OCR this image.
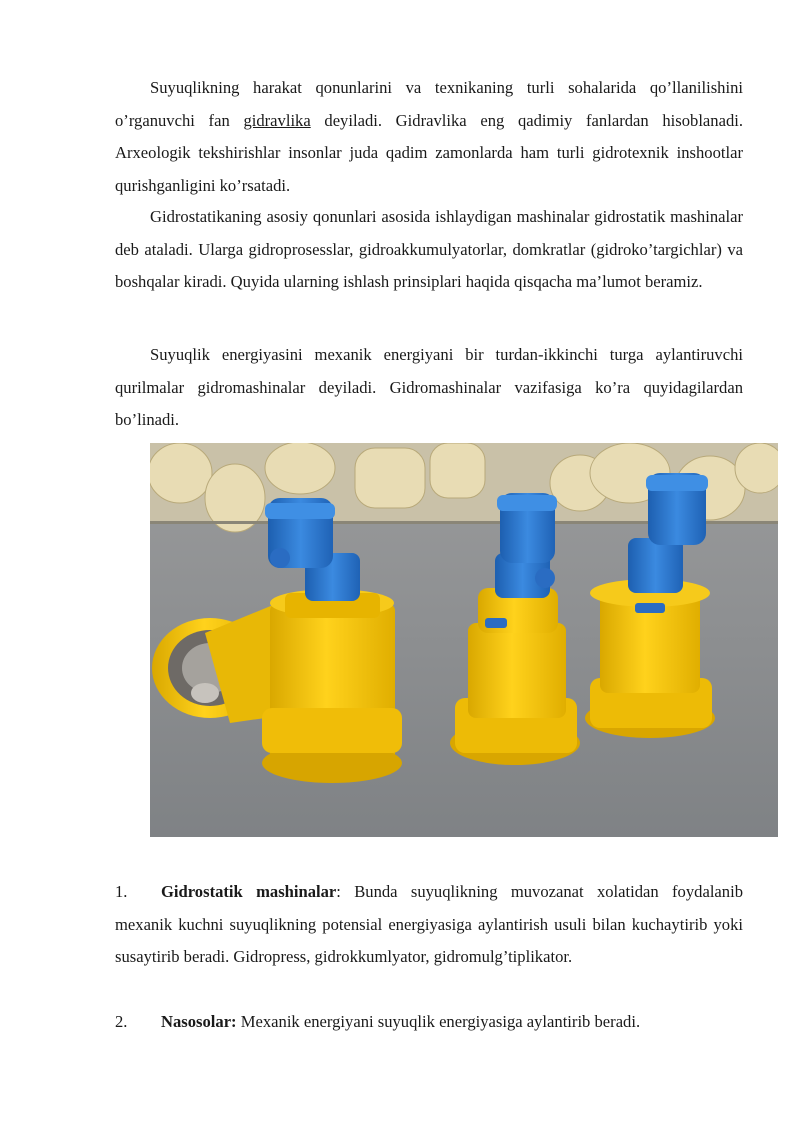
Suyuqlikning harakat qonunlarini va texnikaning turli sohalarida qo’llanilishini o’rganuvchi fan gidravlika deyiladi. Gidravlika eng qadimiy fanlardan hisoblanadi. Arxeologik tekshirishlar insonlar juda qadim zamonlarda ham turli gidrotexnik inshootlar qurishganligini ko’rsatadi.

Gidrostatikaning asosiy qonunlari asosida ishlaydigan mashinalar gidrostatik mashinalar deb ataladi. Ularga gidroprosesslar, gidroakkumulyatorlar, domkratlar (gidroko’targichlar) va boshqalar kiradi. Quyida ularning ishlash prinsiplari haqida qisqacha ma’lumot beramiz.

Suyuqlik energiyasini mexanik energiyani bir turdan-ikkinchi turga aylantiruvchi qurilmalar gidromashinalar deyiladi. Gidromashinalar vazifasiga ko’ra quyidagilardan bo’linadi.

1. Gidrostatik mashinalar: Bunda suyuqlikning muvozanat xolatidan foydalanib mexanik kuchni suyuqlikning potensial energiyasiga aylantirish usuli bilan kuchaytirib yoki susaytirib beradi. Gidropress, gidrokkumlyator, gidromulg’tiplikator.

2. Nasosolar: Mexanik energiyani suyuqlik energiyasiga aylantirib beradi.
